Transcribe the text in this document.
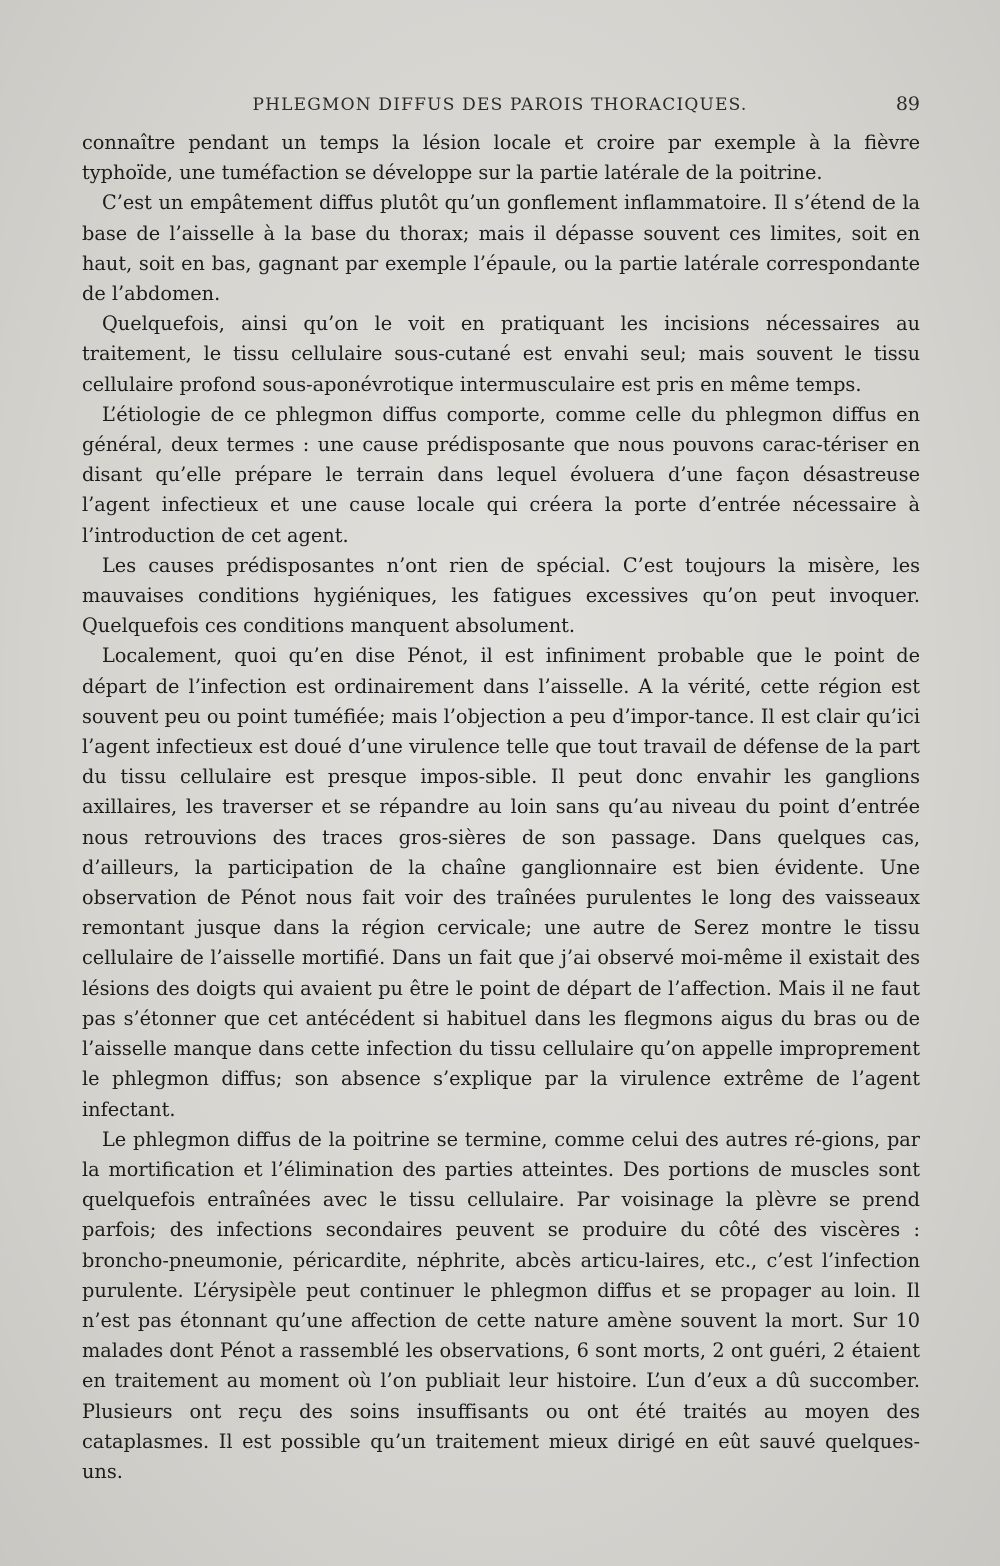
PHLEGMON DIFFUS DES PAROIS THORACIQUES.	89

connaître pendant un temps la lésion locale et croire par exemple à la fièvre typhoïde, une tuméfaction se développe sur la partie latérale de la poitrine.

C’est un empâtement diffus plutôt qu’un gonflement inflammatoire. Il s’étend de la base de l’aisselle à la base du thorax; mais il dépasse souvent ces limites, soit en haut, soit en bas, gagnant par exemple l’épaule, ou la partie latérale correspondante de l’abdomen.

Quelquefois, ainsi qu’on le voit en pratiquant les incisions nécessaires au traitement, le tissu cellulaire sous-cutané est envahi seul; mais souvent le tissu cellulaire profond sous-aponévrotique intermusculaire est pris en même temps.

L’étiologie de ce phlegmon diffus comporte, comme celle du phlegmon diffus en général, deux termes : une cause prédisposante que nous pouvons carac-tériser en disant qu’elle prépare le terrain dans lequel évoluera d’une façon désastreuse l’agent infectieux et une cause locale qui créera la porte d’entrée nécessaire à l’introduction de cet agent.

Les causes prédisposantes n’ont rien de spécial. C’est toujours la misère, les mauvaises conditions hygiéniques, les fatigues excessives qu’on peut invoquer. Quelquefois ces conditions manquent absolument.

Localement, quoi qu’en dise Pénot, il est infiniment probable que le point de départ de l’infection est ordinairement dans l’aisselle. A la vérité, cette région est souvent peu ou point tuméfiée; mais l’objection a peu d’impor-tance. Il est clair qu’ici l’agent infectieux est doué d’une virulence telle que tout travail de défense de la part du tissu cellulaire est presque impos-sible. Il peut donc envahir les ganglions axillaires, les traverser et se répandre au loin sans qu’au niveau du point d’entrée nous retrouvions des traces gros-sières de son passage. Dans quelques cas, d’ailleurs, la participation de la chaîne ganglionnaire est bien évidente. Une observation de Pénot nous fait voir des traînées purulentes le long des vaisseaux remontant jusque dans la région cervicale; une autre de Serez montre le tissu cellulaire de l’aisselle mortifié. Dans un fait que j’ai observé moi-même il existait des lésions des doigts qui avaient pu être le point de départ de l’affection. Mais il ne faut pas s’étonner que cet antécédent si habituel dans les flegmons aigus du bras ou de l’aisselle manque dans cette infection du tissu cellulaire qu’on appelle improprement le phlegmon diffus; son absence s’explique par la virulence extrême de l’agent infectant.

Le phlegmon diffus de la poitrine se termine, comme celui des autres ré-gions, par la mortification et l’élimination des parties atteintes. Des portions de muscles sont quelquefois entraînées avec le tissu cellulaire. Par voisinage la plèvre se prend parfois; des infections secondaires peuvent se produire du côté des viscères : broncho-pneumonie, péricardite, néphrite, abcès articu-laires, etc., c’est l’infection purulente. L’érysipèle peut continuer le phlegmon diffus et se propager au loin. Il n’est pas étonnant qu’une affection de cette nature amène souvent la mort. Sur 10 malades dont Pénot a rassemblé les observations, 6 sont morts, 2 ont guéri, 2 étaient en traitement au moment où l’on publiait leur histoire. L’un d’eux a dû succomber. Plusieurs ont reçu des soins insuffisants ou ont été traités au moyen des cataplasmes. Il est possible qu’un traitement mieux dirigé en eût sauvé quelques-uns.
